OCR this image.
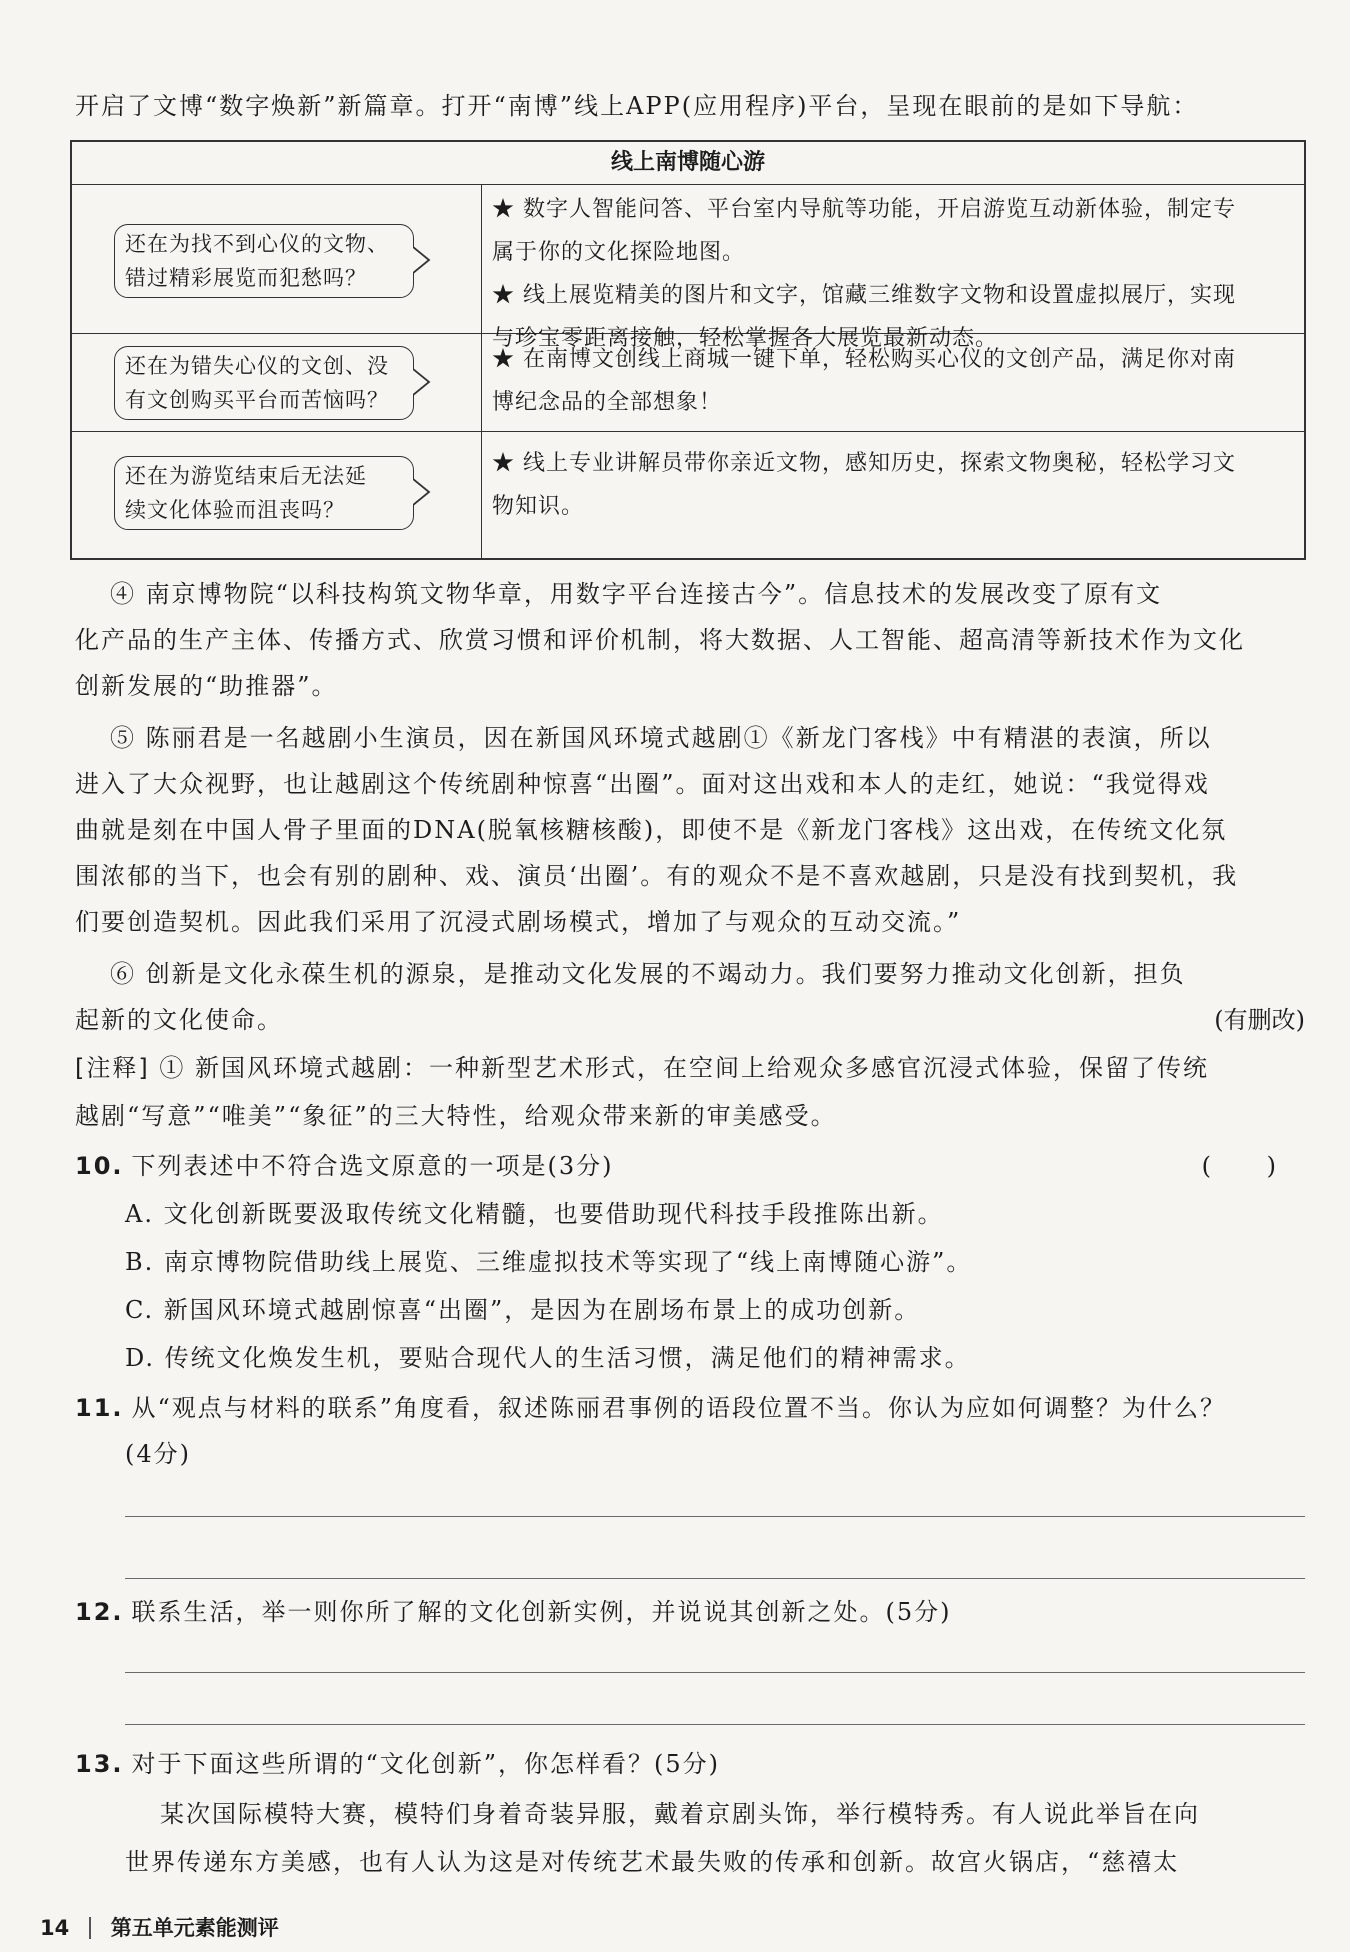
开启了文博“数字焕新”新篇章。打开“南博”线上APP(应用程序)平台，呈现在眼前的是如下导航：
线上南博随心游
还在为找不到心仪的文物、
错过精彩展览而犯愁吗？
★ 数字人智能问答、平台室内导航等功能，开启游览互动新体验，制定专
属于你的文化探险地图。
★ 线上展览精美的图片和文字，馆藏三维数字文物和设置虚拟展厅，实现
与珍宝零距离接触，轻松掌握各大展览最新动态。
还在为错失心仪的文创、没
有文创购买平台而苦恼吗？
★ 在南博文创线上商城一键下单，轻松购买心仪的文创产品，满足你对南
博纪念品的全部想象！
还在为游览结束后无法延
续文化体验而沮丧吗？
★ 线上专业讲解员带你亲近文物，感知历史，探索文物奥秘，轻松学习文
物知识。
④ 南京博物院“以科技构筑文物华章，用数字平台连接古今”。信息技术的发展改变了原有文
化产品的生产主体、传播方式、欣赏习惯和评价机制，将大数据、人工智能、超高清等新技术作为文化
创新发展的“助推器”。
⑤ 陈丽君是一名越剧小生演员，因在新国风环境式越剧①《新龙门客栈》中有精湛的表演，所以
进入了大众视野，也让越剧这个传统剧种惊喜“出圈”。面对这出戏和本人的走红，她说：“我觉得戏
曲就是刻在中国人骨子里面的DNA(脱氧核糖核酸)，即使不是《新龙门客栈》这出戏，在传统文化氛
围浓郁的当下，也会有别的剧种、戏、演员‘出圈’。有的观众不是不喜欢越剧，只是没有找到契机，我
们要创造契机。因此我们采用了沉浸式剧场模式，增加了与观众的互动交流。”
⑥ 创新是文化永葆生机的源泉，是推动文化发展的不竭动力。我们要努力推动文化创新，担负
起新的文化使命。	(有删改)
[注释] ① 新国风环境式越剧：一种新型艺术形式，在空间上给观众多感官沉浸式体验，保留了传统
越剧“写意”“唯美”“象征”的三大特性，给观众带来新的审美感受。
10. 下列表述中不符合选文原意的一项是(3分)	( )
A. 文化创新既要汲取传统文化精髓，也要借助现代科技手段推陈出新。
B. 南京博物院借助线上展览、三维虚拟技术等实现了“线上南博随心游”。
C. 新国风环境式越剧惊喜“出圈”，是因为在剧场布景上的成功创新。
D. 传统文化焕发生机，要贴合现代人的生活习惯，满足他们的精神需求。
11. 从“观点与材料的联系”角度看，叙述陈丽君事例的语段位置不当。你认为应如何调整？为什么？
(4分)
12. 联系生活，举一则你所了解的文化创新实例，并说说其创新之处。(5分)
13. 对于下面这些所谓的“文化创新”，你怎样看？(5分)
某次国际模特大赛，模特们身着奇装异服，戴着京剧头饰，举行模特秀。有人说此举旨在向
世界传递东方美感，也有人认为这是对传统艺术最失败的传承和创新。故宫火锅店，“慈禧太
14 第五单元素能测评
